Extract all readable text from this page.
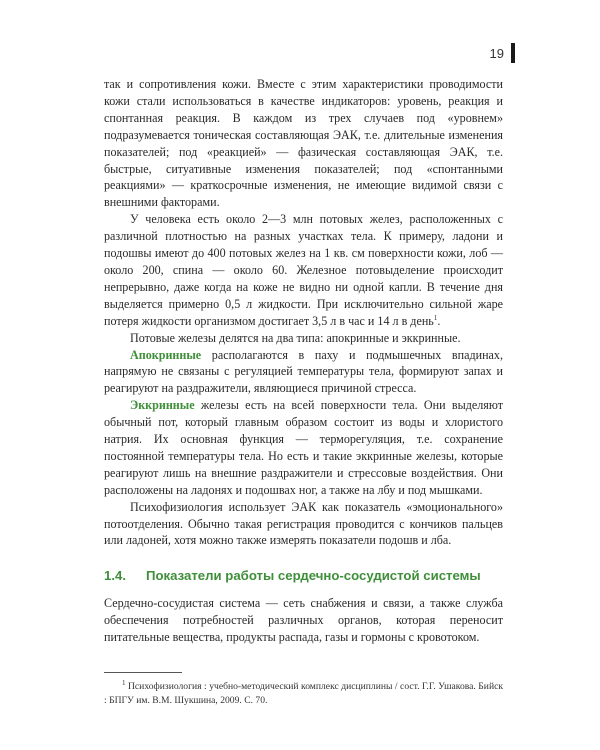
19

так и сопротивления кожи. Вместе с этим характеристики проводимости кожи стали использоваться в качестве индикаторов: уровень, реакция и спонтанная реакция. В каждом из трех случаев под «уровнем» подразумевается тоническая составляющая ЭАК, т.е. длительные изменения показателей; под «реакцией» — фазическая составляющая ЭАК, т.е. быстрые, ситуативные изменения показателей; под «спонтанными реакциями» — краткосрочные изменения, не имеющие видимой связи с внешними факторами.

У человека есть около 2—3 млн потовых желез, расположенных с различной плотностью на разных участках тела. К примеру, ладони и подошвы имеют до 400 потовых желез на 1 кв. см поверхности кожи, лоб — около 200, спина — около 60. Железное потовыделение происходит непрерывно, даже когда на коже не видно ни одной капли. В течение дня выделяется примерно 0,5 л жидкости. При исключительно сильной жаре потеря жидкости организмом достигает 3,5 л в час и 14 л в день$^1$.

Потовые железы делятся на два типа: апокринные и эккринные.

Апокринные располагаются в паху и подмышечных впадинах, напрямую не связаны с регуляцией температуры тела, формируют запах и реагируют на раздражители, являющиеся причиной стресса.

Эккринные железы есть на всей поверхности тела. Они выделяют обычный пот, который главным образом состоит из воды и хлористого натрия. Их основная функция — терморегуляция, т.е. сохранение постоянной температуры тела. Но есть и такие эккринные железы, которые реагируют лишь на внешние раздражители и стрессовые воздействия. Они расположены на ладонях и подошвах ног, а также на лбу и под мышками.

Психофизиология использует ЭАК как показатель «эмоционального» потоотделения. Обычно такая регистрация проводится с кончиков пальцев или ладоней, хотя можно также измерять показатели подошв и лба.

1.4. Показатели работы сердечно-сосудистой системы

Сердечно-сосудистая система — сеть снабжения и связи, а также служба обеспечения потребностей различных органов, которая переносит питательные вещества, продукты распада, газы и гормоны с кровотоком.

$^1$ Психофизиология : учебно-методический комплекс дисциплины / сост. Г.Г. Ушакова. Бийск : БПГУ им. В.М. Шукшина, 2009. С. 70.
